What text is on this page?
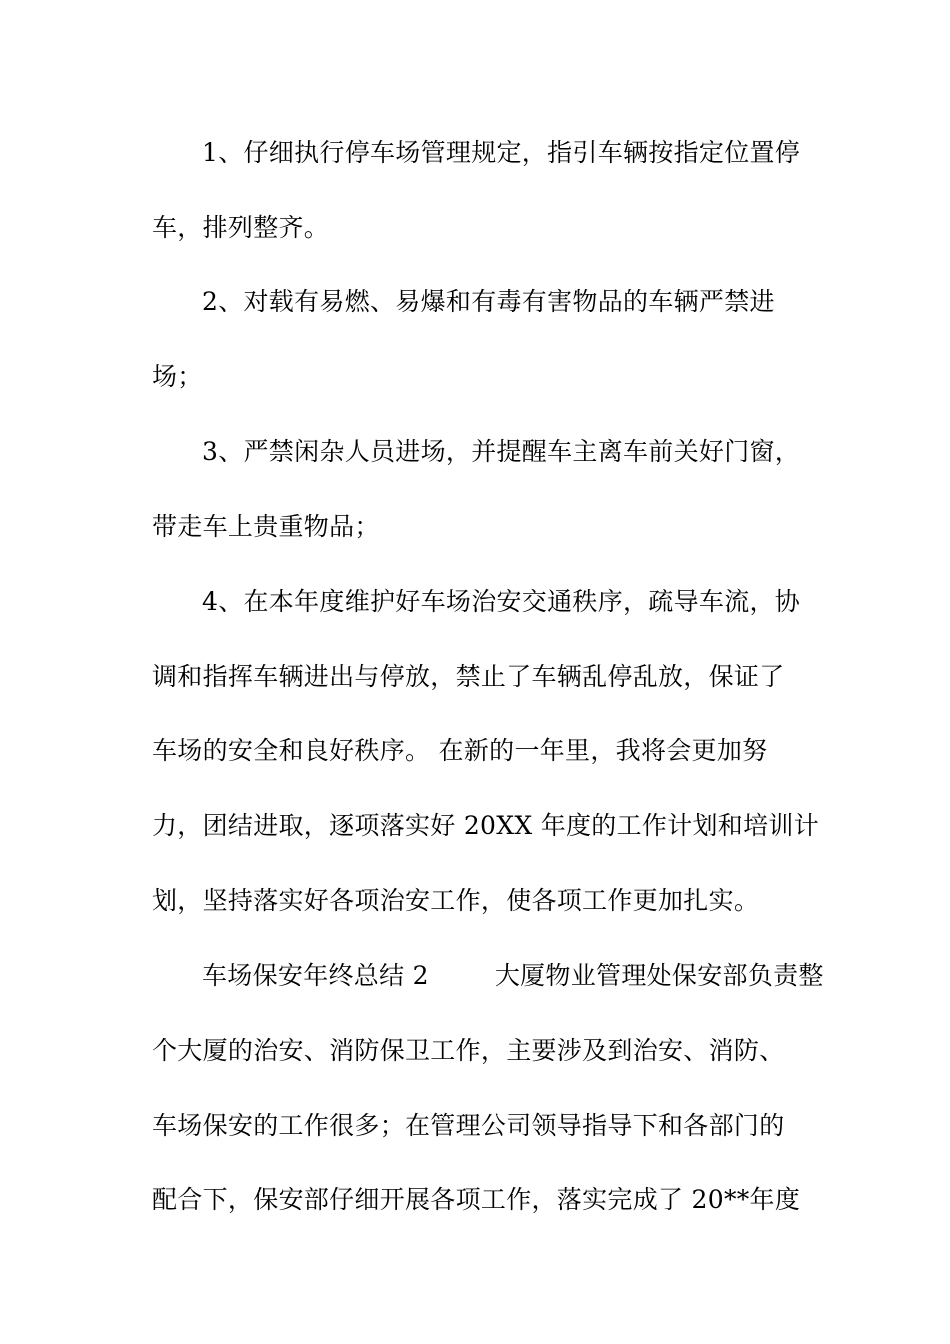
1、仔细执行停车场管理规定，指引车辆按指定位置停
车，排列整齐。
2、对载有易燃、易爆和有毒有害物品的车辆严禁进
场；
3、严禁闲杂人员进场，并提醒车主离车前关好门窗，
带走车上贵重物品；
4、在本年度维护好车场治安交通秩序，疏导车流，协
调和指挥车辆进出与停放，禁止了车辆乱停乱放，保证了
车场的安全和良好秩序。 在新的一年里，我将会更加努
力，团结进取，逐项落实好 20XX 年度的工作计划和培训计
划，坚持落实好各项治安工作，使各项工作更加扎实。
车场保安年终总结 2        大厦物业管理处保安部负责整
个大厦的治安、消防保卫工作，主要涉及到治安、消防、
车场保安的工作很多；在管理公司领导指导下和各部门的
配合下，保安部仔细开展各项工作，落实完成了 20**年度
